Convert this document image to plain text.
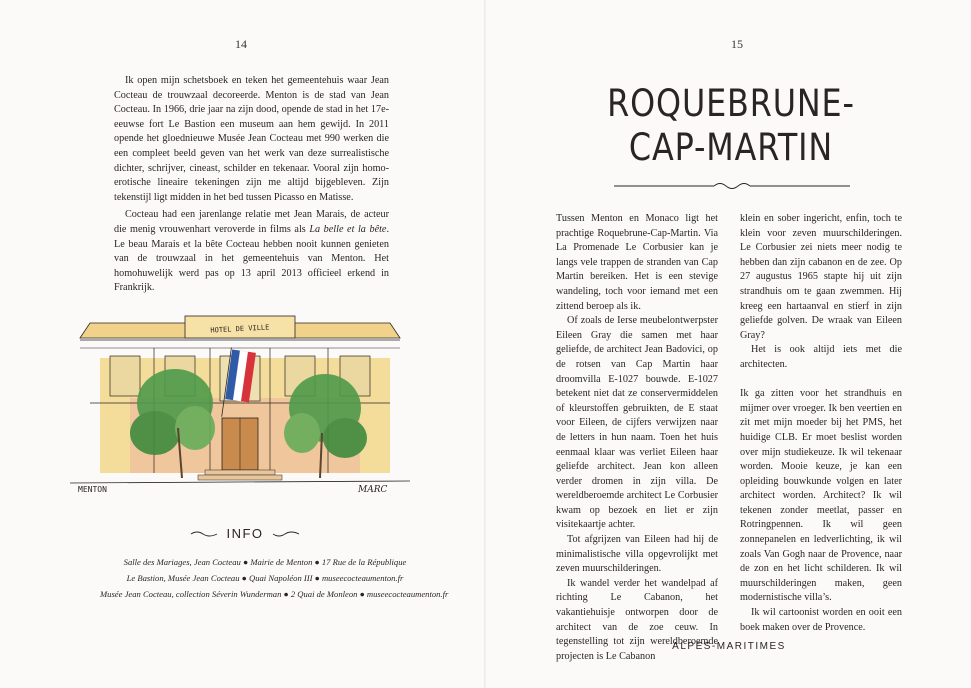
14

Ik open mijn schetsboek en teken het gemeentehuis waar Jean Cocteau de trouwzaal decoreerde. Menton is de stad van Jean Cocteau. In 1966, drie jaar na zijn dood, opende de stad in het 17e-eeuwse fort Le Bastion een museum aan hem gewijd. In 2011 opende het gloednieuwe Musée Jean Cocteau met 990 werken die een compleet beeld geven van het werk van deze surrealistische dichter, schrijver, cineast, schilder en tekenaar. Vooral zijn homo-erotische lineaire tekeningen zijn me altijd bijgebleven. Zijn tekenstijl ligt midden in het bed tussen Picasso en Matisse.

Cocteau had een jarenlange relatie met Jean Marais, de acteur die menig vrouwenhart veroverde in films als La belle et la bête. Le beau Marais et la bête Cocteau hebben nooit kunnen genieten van de trouwzaal in het gemeentehuis van Menton. Het homohuwelijk werd pas op 13 april 2013 officieel erkend in Frankrijk.

HOTEL DE VILLE
MENTON	MARC
INFO
Salle des Mariages, Jean Cocteau ● Mairie de Menton ● 17 Rue de la République
Le Bastion, Musée Jean Cocteau ● Quai Napoléon III ● museecocteaumenton.fr
Musée Jean Cocteau, collection Séverin Wunderman ● 2 Quai de Monleon ● museecocteaumenton.fr
15
ROQUEBRUNE-
CAP-MARTIN

Tussen Menton en Monaco ligt het prachtige Roquebrune-Cap-Martin. Via La Promenade Le Corbusier kan je langs vele trappen de stranden van Cap Martin bereiken. Het is een stevige wandeling, toch voor iemand met een zittend beroep als ik.

Of zoals de Ierse meubelontwerpster Eileen Gray die samen met haar geliefde, de architect Jean Badovici, op de rotsen van Cap Martin haar droomvilla E-1027 bouwde. E-1027 betekent niet dat ze conservermiddelen of kleurstoffen gebruikten, de E staat voor Eileen, de cijfers verwijzen naar de letters in hun naam. Toen het huis eenmaal klaar was verliet Eileen haar geliefde architect. Jean kon alleen verder dromen in zijn villa. De wereldberoemde architect Le Corbusier kwam op bezoek en liet er zijn visitekaartje achter.

Tot afgrijzen van Eileen had hij de minimalistische villa opgevrolijkt met zeven muurschilderingen.

Ik wandel verder het wandelpad af richting Le Cabanon, het vakantiehuisje ontworpen door de architect van de zoe ceuw. In tegenstelling tot zijn wereldberoemde projecten is Le Cabanon

klein en sober ingericht, enfin, toch te klein voor zeven muurschilderingen. Le Corbusier zei niets meer nodig te hebben dan zijn cabanon en de zee. Op 27 augustus 1965 stapte hij uit zijn strandhuis om te gaan zwemmen. Hij kreeg een hartaanval en stierf in zijn geliefde golven. De wraak van Eileen Gray?

Het is ook altijd iets met die architecten.

Ik ga zitten voor het strandhuis en mijmer over vroeger. Ik ben veertien en zit met mijn moeder bij het PMS, het huidige CLB. Er moet beslist worden over mijn studiekeuze. Ik wil tekenaar worden. Mooie keuze, je kan een opleiding bouwkunde volgen en later architect worden. Architect? Ik wil tekenen zonder meetlat, passer en Rotringpennen. Ik wil geen zonnepanelen en ledverlichting, ik wil zoals Van Gogh naar de Provence, naar de zon en het licht schilderen. Ik wil muurschilderingen maken, geen modernistische villa’s.

Ik wil cartoonist worden en ooit een boek maken over de Provence.

ALPES-MARITIMES
